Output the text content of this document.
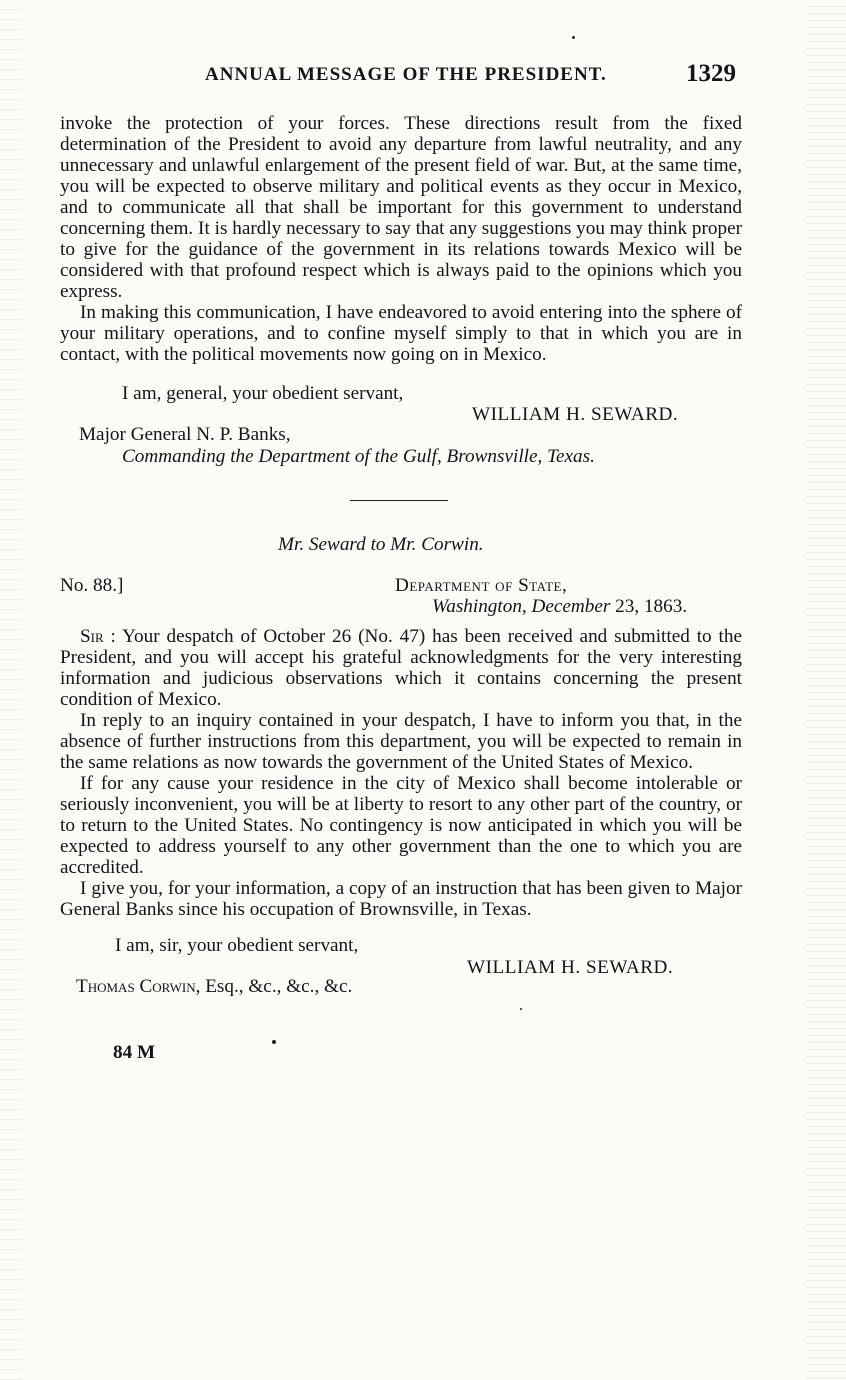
ANNUAL MESSAGE OF THE PRESIDENT.	1329

invoke the protection of your forces. These directions result from the fixed determination of the President to avoid any departure from lawful neutrality, and any unnecessary and unlawful enlargement of the present field of war. But, at the same time, you will be expected to observe military and political events as they occur in Mexico, and to communicate all that shall be important for this government to understand concerning them. It is hardly necessary to say that any suggestions you may think proper to give for the guidance of the government in its relations towards Mexico will be considered with that profound respect which is always paid to the opinions which you express.

In making this communication, I have endeavored to avoid entering into the sphere of your military operations, and to confine myself simply to that in which you are in contact, with the political movements now going on in Mexico.

I am, general, your obedient servant,
WILLIAM H. SEWARD.
Major General N. P. Banks,
Commanding the Department of the Gulf, Brownsville, Texas.
Mr. Seward to Mr. Corwin.
No. 88.]	Department of State,
Washington, December 23, 1863.

Sir : Your despatch of October 26 (No. 47) has been received and submitted to the President, and you will accept his grateful acknowledgments for the very interesting information and judicious observations which it contains concerning the present condition of Mexico.

In reply to an inquiry contained in your despatch, I have to inform you that, in the absence of further instructions from this department, you will be expected to remain in the same relations as now towards the government of the United States of Mexico.

If for any cause your residence in the city of Mexico shall become intolerable or seriously inconvenient, you will be at liberty to resort to any other part of the country, or to return to the United States. No contingency is now anticipated in which you will be expected to address yourself to any other government than the one to which you are accredited.

I give you, for your information, a copy of an instruction that has been given to Major General Banks since his occupation of Brownsville, in Texas.

I am, sir, your obedient servant,
WILLIAM H. SEWARD.
Thomas Corwin, Esq., &c., &c., &c.
84 M
